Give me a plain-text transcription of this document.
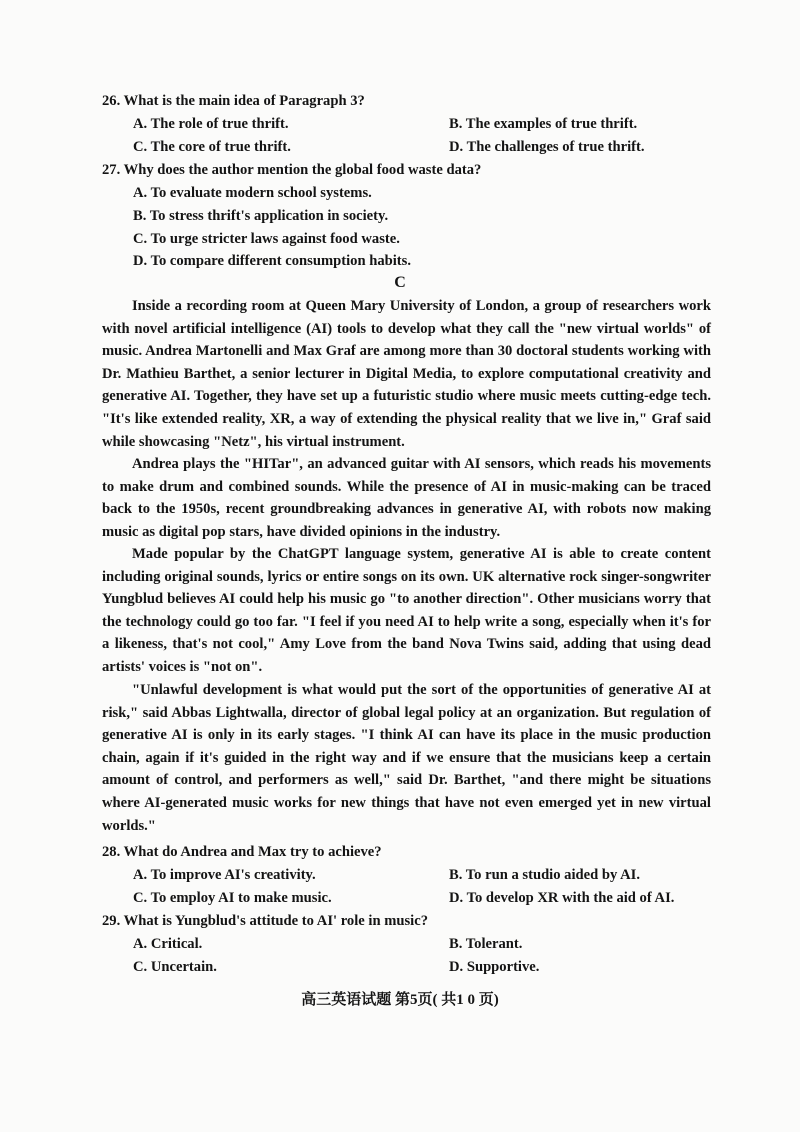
26. What is the main idea of Paragraph 3?
A. The role of true thrift.	B. The examples of true thrift.
C. The core of true thrift.	D. The challenges of true thrift.
27. Why does the author mention the global food waste data?
A. To evaluate modern school systems.
B. To stress thrift's application in society.
C. To urge stricter laws against food waste.
D. To compare different consumption habits.
C

Inside a recording room at Queen Mary University of London, a group of researchers work with novel artificial intelligence (AI) tools to develop what they call the "new virtual worlds" of music. Andrea Martonelli and Max Graf are among more than 30 doctoral students working with Dr. Mathieu Barthet, a senior lecturer in Digital Media, to explore computational creativity and generative AI. Together, they have set up a futuristic studio where music meets cutting-edge tech. "It's like extended reality, XR, a way of extending the physical reality that we live in," Graf said while showcasing "Netz", his virtual instrument.

Andrea plays the "HITar", an advanced guitar with AI sensors, which reads his movements to make drum and combined sounds. While the presence of AI in music-making can be traced back to the 1950s, recent groundbreaking advances in generative AI, with robots now making music as digital pop stars, have divided opinions in the industry.

Made popular by the ChatGPT language system, generative AI is able to create content including original sounds, lyrics or entire songs on its own. UK alternative rock singer-songwriter Yungblud believes AI could help his music go "to another direction". Other musicians worry that the technology could go too far. "I feel if you need AI to help write a song, especially when it's for a likeness, that's not cool," Amy Love from the band Nova Twins said, adding that using dead artists' voices is "not on".

"Unlawful development is what would put the sort of the opportunities of generative AI at risk," said Abbas Lightwalla, director of global legal policy at an organization. But regulation of generative AI is only in its early stages. "I think AI can have its place in the music production chain, again if it's guided in the right way and if we ensure that the musicians keep a certain amount of control, and performers as well," said Dr. Barthet, "and there might be situations where AI-generated music works for new things that have not even emerged yet in new virtual worlds."

28. What do Andrea and Max try to achieve?
A. To improve AI's creativity.	B. To run a studio aided by AI.
C. To employ AI to make music.	D. To develop XR with the aid of AI.
29. What is Yungblud's attitude to AI' role in music?
A. Critical.	B. Tolerant.
C. Uncertain.	D. Supportive.
高三英语试题 第5页( 共1 0 页)
